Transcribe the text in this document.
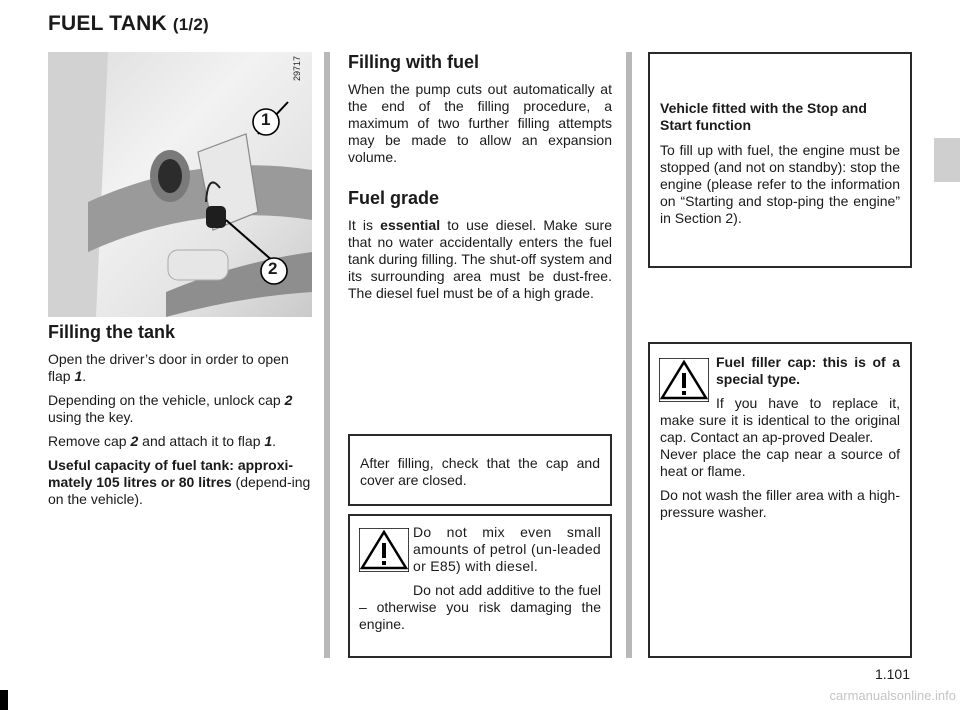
FUEL TANK (1/2)
1
2
29717
Filling the tank

Open the driver’s door in order to open flap 1.

Depending on the vehicle, unlock cap 2 using the key.

Remove cap 2 and attach it to flap 1.

Useful capacity of fuel tank: approxi-mately 105 litres or 80 litres (depend-ing on the vehicle).

Filling with fuel

When the pump cuts out automatically at the end of the filling procedure, a maximum of two further filling attempts may be made to allow an expansion volume.

Fuel grade

It is essential to use diesel. Make sure that no water accidentally enters the fuel tank during filling. The shut-off system and its surrounding area must be dust-free. The diesel fuel must be of a high grade.

After filling, check that the cap and cover are closed.

Do not mix even small amounts of petrol (un-leaded or E85) with diesel.

Do not add additive to the fuel – otherwise you risk damaging the engine.

Vehicle fitted with the Stop and Start function

To fill up with fuel, the engine must be stopped (and not on standby): stop the engine (please refer to the information on “Starting and stop-ping the engine” in Section 2).

Fuel filler cap: this is of a special type.

If you have to replace it, make sure it is identical to the original cap. Contact an ap-proved Dealer.

Never place the cap near a source of heat or flame.

Do not wash the filler area with a high-pressure washer.

1.101
carmanualsonline.info
